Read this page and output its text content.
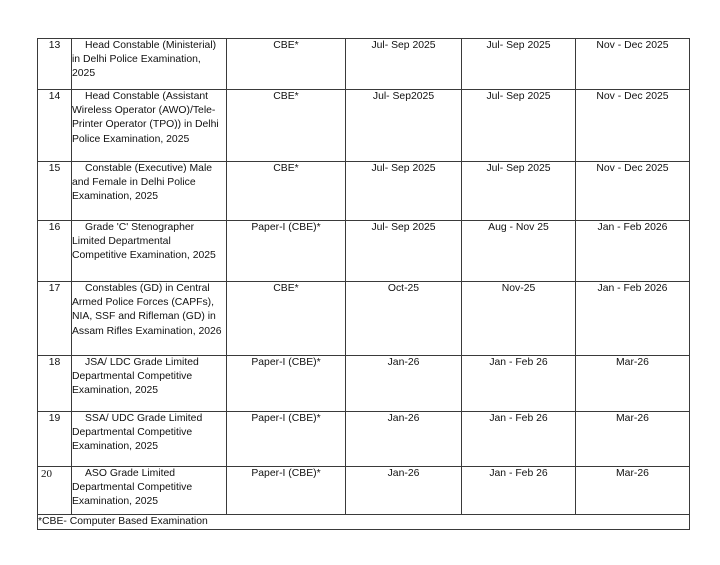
13	Head Constable (Ministerial) in Delhi Police Examination, 2025	CBE*	Jul- Sep 2025	Jul- Sep 2025	Nov - Dec 2025
14	Head Constable (Assistant Wireless Operator (AWO)/Tele-Printer Operator (TPO)) in Delhi Police Examination, 2025	CBE*	Jul- Sep2025	Jul- Sep 2025	Nov - Dec 2025
15	Constable (Executive) Male and Female in Delhi Police Examination, 2025	CBE*	Jul- Sep 2025	Jul- Sep 2025	Nov - Dec 2025
16	Grade 'C' Stenographer Limited Departmental Competitive Examination, 2025	Paper-I (CBE)*	Jul- Sep 2025	Aug - Nov 25	Jan - Feb 2026
17	Constables (GD) in Central Armed Police Forces (CAPFs), NIA, SSF and Rifleman (GD) in Assam Rifles Examination, 2026	CBE*	Oct-25	Nov-25	Jan - Feb 2026
18	JSA/ LDC Grade Limited Departmental Competitive Examination, 2025	Paper-I (CBE)*	Jan-26	Jan - Feb 26	Mar-26
19	SSA/ UDC Grade Limited Departmental Competitive Examination, 2025	Paper-I (CBE)*	Jan-26	Jan - Feb 26	Mar-26
20	ASO Grade Limited Departmental Competitive Examination, 2025	Paper-I (CBE)*	Jan-26	Jan - Feb 26	Mar-26
*CBE- Computer Based Examination					
